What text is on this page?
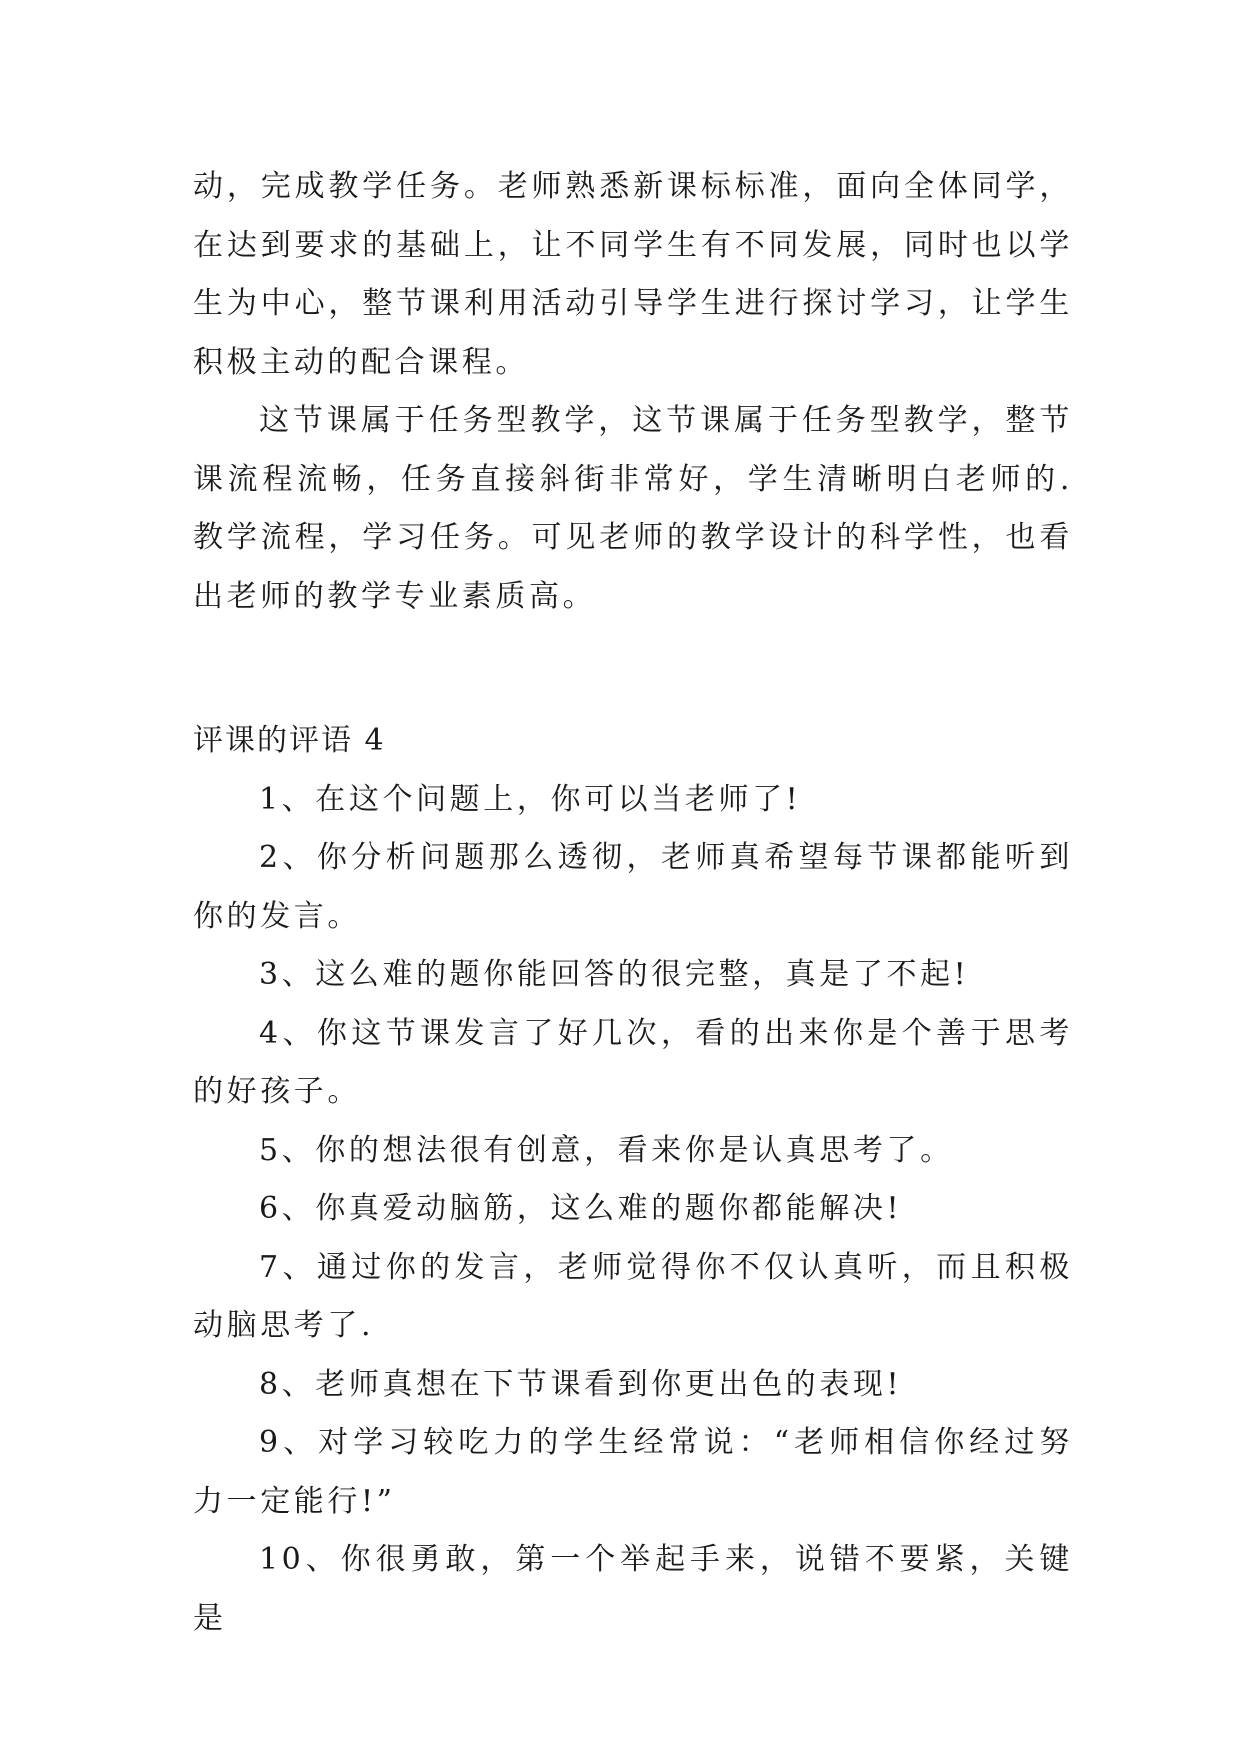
动，完成教学任务。老师熟悉新课标标准，面向全体同学，在达到要求的基础上，让不同学生有不同发展，同时也以学生为中心，整节课利用活动引导学生进行探讨学习，让学生积极主动的配合课程。

这节课属于任务型教学，这节课属于任务型教学，整节课流程流畅，任务直接斜街非常好，学生清晰明白老师的.教学流程，学习任务。可见老师的教学设计的科学性，也看出老师的教学专业素质高。

评课的评语 4

1、在这个问题上，你可以当老师了!

2、你分析问题那么透彻，老师真希望每节课都能听到你的发言。

3、这么难的题你能回答的很完整，真是了不起!

4、你这节课发言了好几次，看的出来你是个善于思考的好孩子。

5、你的想法很有创意，看来你是认真思考了。

6、你真爱动脑筋，这么难的题你都能解决!

7、通过你的发言，老师觉得你不仅认真听，而且积极动脑思考了.

8、老师真想在下节课看到你更出色的表现!

9、对学习较吃力的学生经常说：“老师相信你经过努力一定能行!”

10、你很勇敢，第一个举起手来，说错不要紧，关键是
